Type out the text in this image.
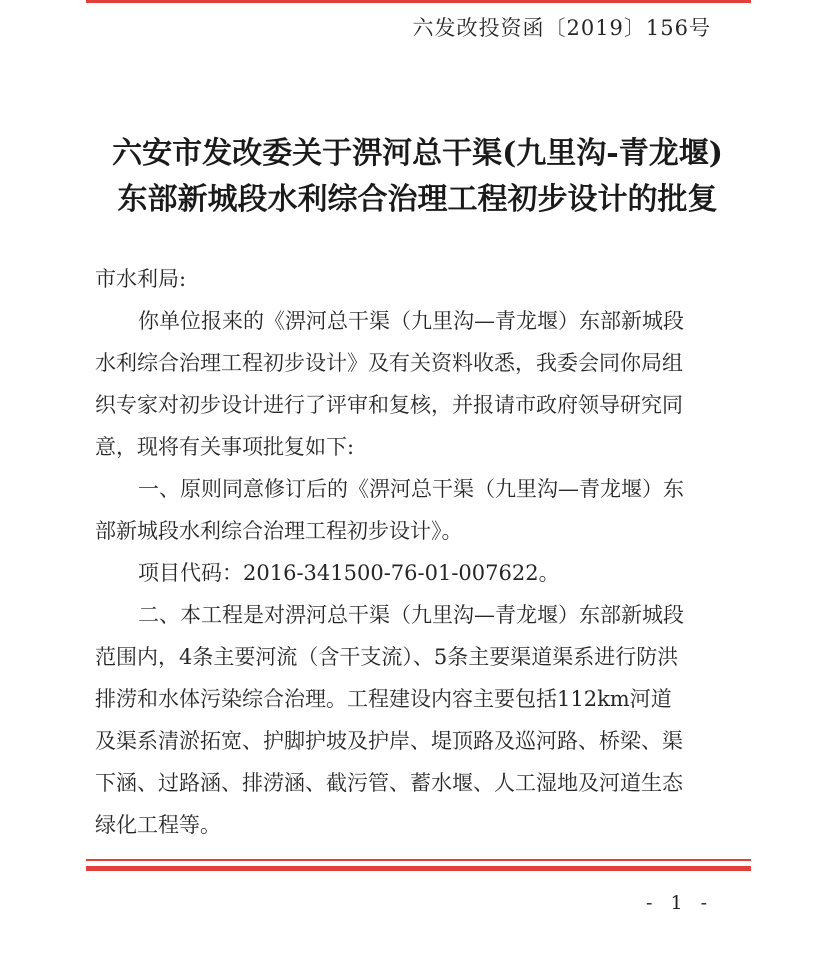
六发改投资函〔2019〕156号
六安市发改委关于淠河总干渠(九里沟-青龙堰)
东部新城段水利综合治理工程初步设计的批复

市水利局:

你单位报来的《淠河总干渠（九里沟—青龙堰）东部新城段

水利综合治理工程初步设计》及有关资料收悉，我委会同你局组

织专家对初步设计进行了评审和复核，并报请市政府领导研究同

意，现将有关事项批复如下:

一、原则同意修订后的《淠河总干渠（九里沟—青龙堰）东

部新城段水利综合治理工程初步设计》。

项目代码：2016-341500-76-01-007622。

二、本工程是对淠河总干渠（九里沟—青龙堰）东部新城段

范围内，4条主要河流（含干支流）、5条主要渠道渠系进行防洪

排涝和水体污染综合治理。工程建设内容主要包括112km河道

及渠系清淤拓宽、护脚护坡及护岸、堤顶路及巡河路、桥梁、渠

下涵、过路涵、排涝涵、截污管、蓄水堰、人工湿地及河道生态

绿化工程等。

- 1 -
